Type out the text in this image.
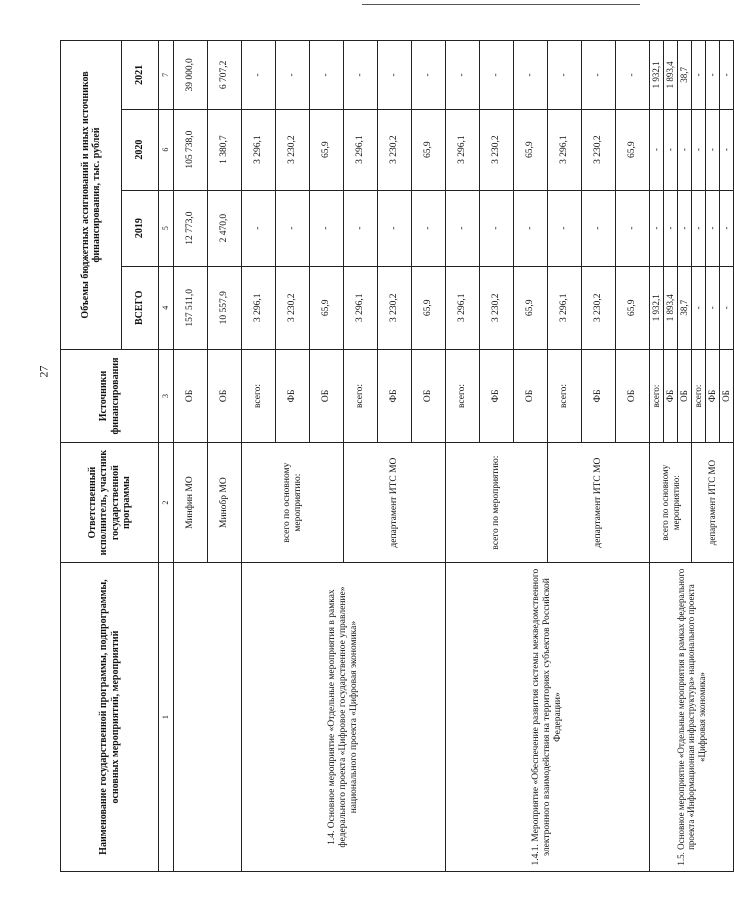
27
Наименование государственной программы, подпрограммы, основных мероприятий, мероприятий	Ответственный исполнитель, участник государственной программы	Источники финансирования	Объемы бюджетных ассигнований и иных источников финансирования, тыс. рублей			
			ВСЕГО	2019	2020	2021
1	2	3	4	5	6	7
	Минфин МО	ОБ	157 511,0	12 773,0	105 738,0	39 000,0
	Минобр МО	ОБ	10 557,9	2 470,0	1 380,7	6 707,2
1.4. Основное мероприятие «Отдельные мероприятия в рамках федерального проекта «Цифровое государственное управление» национального проекта «Цифровая экономика»	всего по основному мероприятию:	всего:	3 296,1	-	3 296,1	-
		ФБ	3 230,2	-	3 230,2	-
		ОБ	65,9	-	65,9	-
	департамент ИТС МО	всего:	3 296,1	-	3 296,1	-
		ФБ	3 230,2	-	3 230,2	-
		ОБ	65,9	-	65,9	-
1.4.1. Мероприятие «Обеспечение развития системы межведомственного электронного взаимодействия на территориях субъектов Российской Федерации»	всего по мероприятию:	всего:	3 296,1	-	3 296,1	-
		ФБ	3 230,2	-	3 230,2	-
		ОБ	65,9	-	65,9	-
	департамент ИТС МО	всего:	3 296,1	-	3 296,1	-
		ФБ	3 230,2	-	3 230,2	-
		ОБ	65,9	-	65,9	-
1.5. Основное мероприятие «Отдельные мероприятия в рамках федерального проекта «Информационная инфраструктура» национального проекта «Цифровая экономика»	всего по основному мероприятию:	всего:	1 932,1	-	-	1 932,1
		ФБ	1 893,4	-	-	1 893,4
		ОБ	38,7	-	-	38,7
	департамент ИТС МО	всего:	-	-	-	-
		ФБ	-	-	-	-
		ОБ	-	-	-	-
